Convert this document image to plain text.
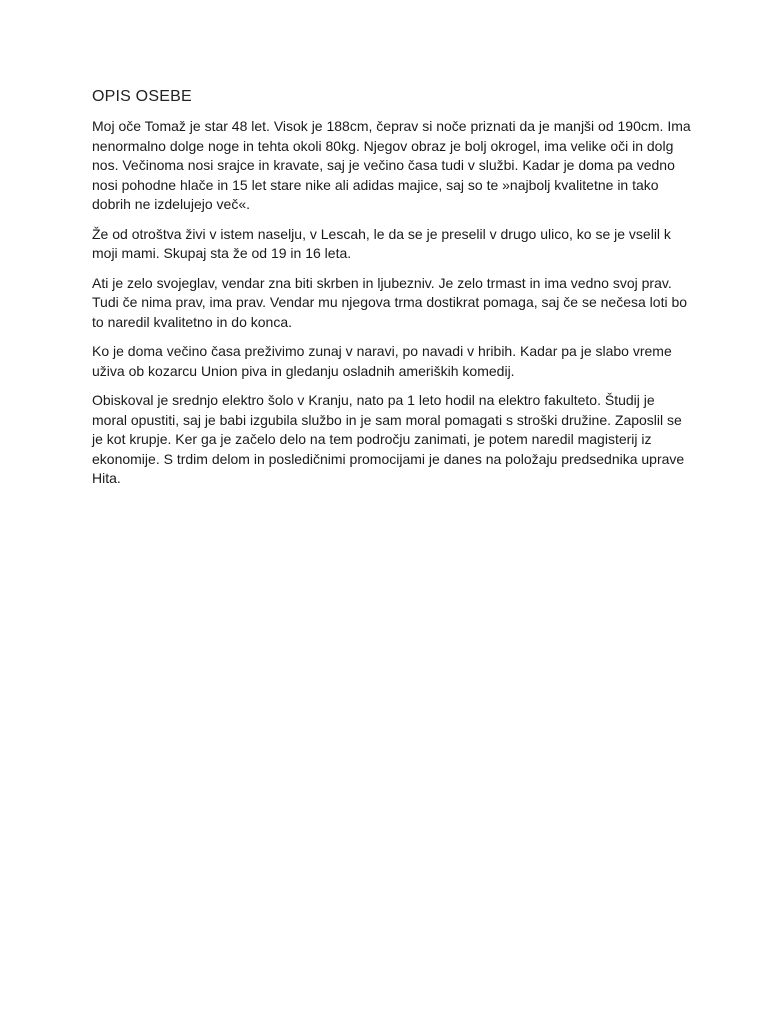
OPIS OSEBE

Moj oče Tomaž je star 48 let. Visok je 188cm, čeprav si noče priznati da je manjši od 190cm. Ima nenormalno dolge noge in tehta okoli 80kg. Njegov obraz je bolj okrogel, ima velike oči in dolg nos. Večinoma nosi srajce in kravate, saj je večino časa tudi v službi. Kadar je doma pa vedno nosi pohodne hlače in 15 let stare nike ali adidas majice, saj so te »najbolj kvalitetne in tako dobrih ne izdelujejo več«.

Že od otroštva živi v istem naselju, v Lescah, le da se je preselil v drugo ulico, ko se je vselil k moji mami. Skupaj sta že od 19 in 16 leta.

Ati je zelo svojeglav, vendar zna biti skrben in ljubezniv. Je zelo trmast in ima vedno svoj prav. Tudi če nima prav, ima prav. Vendar mu njegova trma dostikrat pomaga, saj če se nečesa loti bo to naredil kvalitetno in do konca.

Ko je doma večino časa preživimo zunaj v naravi, po navadi v hribih. Kadar pa je slabo vreme uživa ob kozarcu Union piva in gledanju osladnih ameriških komedij.

Obiskoval je srednjo elektro šolo v Kranju, nato pa 1 leto hodil na elektro fakulteto. Študij je moral opustiti, saj je babi izgubila službo in je sam moral pomagati s stroški družine. Zaposlil se je kot krupje. Ker ga je začelo delo na tem področju zanimati, je potem naredil magisterij iz ekonomije. S trdim delom in posledičnimi promocijami je danes na položaju predsednika uprave Hita.
